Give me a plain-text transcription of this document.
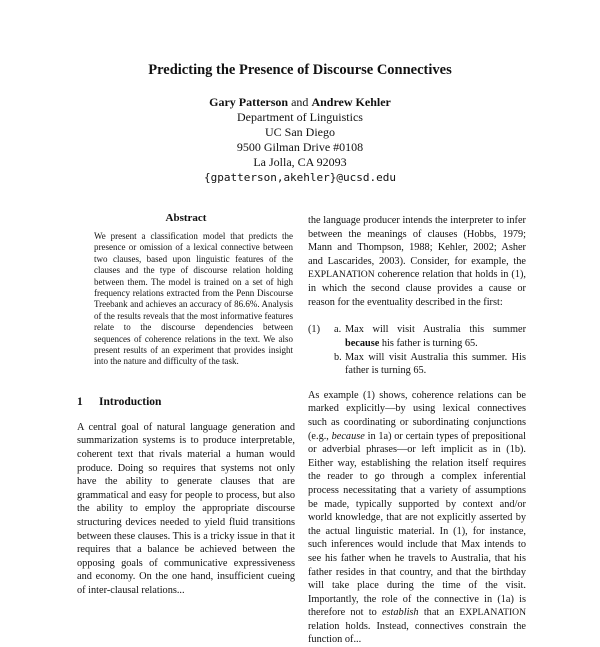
Predicting the Presence of Discourse Connectives
Gary Patterson and Andrew Kehler
Department of Linguistics
UC San Diego
9500 Gilman Drive #0108
La Jolla, CA 92093
{gpatterson,akehler}@ucsd.edu
Abstract
We present a classification model that predicts the presence or omission of a lexical connective between two clauses, based upon linguistic features of the clauses and the type of discourse relation holding between them. The model is trained on a set of high frequency relations extracted from the Penn Discourse Treebank and achieves an accuracy of 86.6%. Analysis of the results reveals that the most informative features relate to the discourse dependencies between sequences of coherence relations in the text. We also present results of an experiment that provides insight into the nature and difficulty of the task.
1 Introduction
A central goal of natural language generation and summarization systems is to produce interpretable, coherent text that rivals material a human would produce. Doing so requires that systems not only have the ability to generate clauses that are grammatical and easy for people to process, but also the ability to employ the appropriate discourse structuring devices needed to yield fluid transitions between these clauses. This is a tricky issue in that it requires that a balance be achieved between the opposing goals of communicative expressiveness and economy. On the one hand, insufficient cueing of inter-clausal relations...
the language producer intends the interpreter to infer between the meanings of clauses (Hobbs, 1979; Mann and Thompson, 1988; Kehler, 2002; Asher and Lascarides, 2003). Consider, for example, the EXPLANATION coherence relation that holds in (1), in which the second clause provides a cause or reason for the eventuality described in the first:
(1) a. Max will visit Australia this summer because his father is turning 65.
b. Max will visit Australia this summer. His father is turning 65.
As example (1) shows, coherence relations can be marked explicitly—by using lexical connectives such as coordinating or subordinating conjunctions (e.g., because in 1a) or certain types of prepositional or adverbial phrases—or left implicit as in (1b). Either way, establishing the relation itself requires the reader to go through a complex inferential process necessitating that a variety of assumptions be made, typically supported by context and/or world knowledge, that are not explicitly asserted by the actual linguistic material. In (1), for instance, such inferences would include that Max intends to see his father when he travels to Australia, that his father resides in that country, and that the birthday will take place during the time of the visit. Importantly, the role of the connective in (1a) is therefore not to establish that an EXPLANATION relation holds. Instead, connectives constrain the function of...
